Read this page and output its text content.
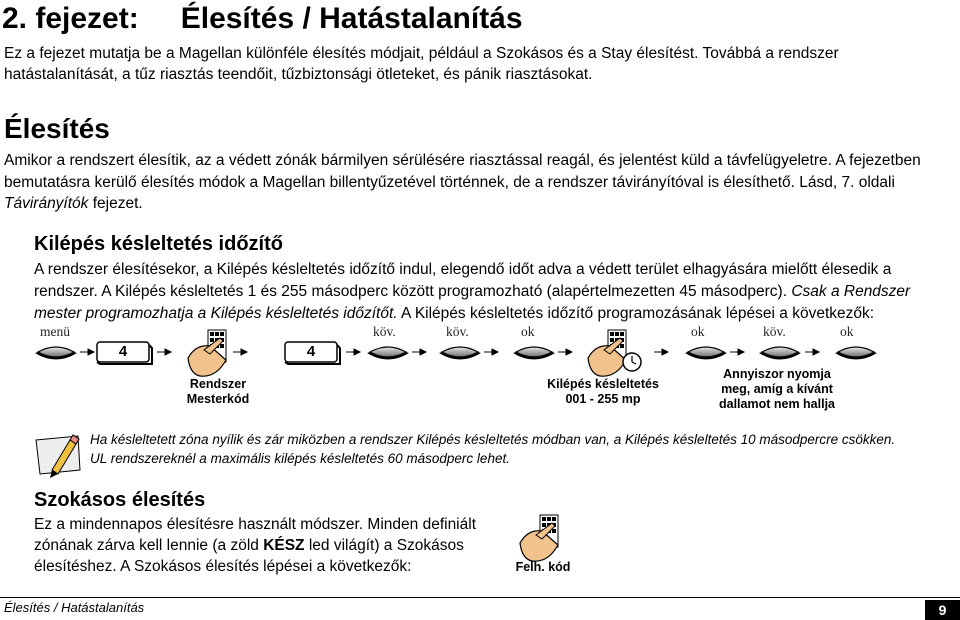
2. fejezet: Élesítés / Hatástalanítás
Ez a fejezet mutatja be a Magellan különféle élesítés módjait, például a Szokásos és a Stay élesítést. Továbbá a rendszer hatástalanítását, a tűz riasztás teendőit, tűzbiztonsági ötleteket, és pánik riasztásokat.
Élesítés
Amikor a rendszert élesítik, az a védett zónák bármilyen sérülésére riasztással reagál, és jelentést küld a távfelügyeletre. A fejezetben bemutatásra kerülő élesítés módok a Magellan billentyűzetével történnek, de a rendszer távirányítóval is élesíthető. Lásd, 7. oldali Távirányítók fejezet.
Kilépés késleltetés időzítő
A rendszer élesítésekor, a Kilépés késleltetés időzítő indul, elegendő időt adva a védett terület elhagyására mielőtt élesedik a rendszer. A Kilépés késleltetés 1 és 255 másodperc között programozható (alapértelmezetten 45 másodperc). Csak a Rendszer mester programozhatja a Kilépés késleltetés időzítőt. A Kilépés késleltetés időzítő programozásának lépései a következők:
menü	köv.	köv.	ok	ok	köv.	ok
4	4
Rendszer Mesterkód
Kilépés késleltetés 001 - 255 mp
Annyiszor nyomja meg, amíg a kívánt dallamot nem hallja
Ha késleltetett zóna nyílik és zár miközben a rendszer Kilépés késleltetés módban van, a Kilépés késleltetés 10 másodpercre csökken.
UL rendszereknél a maximális kilépés késleltetés 60 másodperc lehet.
Szokásos élesítés
Ez a mindennapos élesítésre használt módszer. Minden definiált zónának zárva kell lennie (a zöld KÉSZ led világít) a Szokásos élesítéshez. A Szokásos élesítés lépései a következők:	Felh. kód
Élesítés / Hatástalanítás	9
